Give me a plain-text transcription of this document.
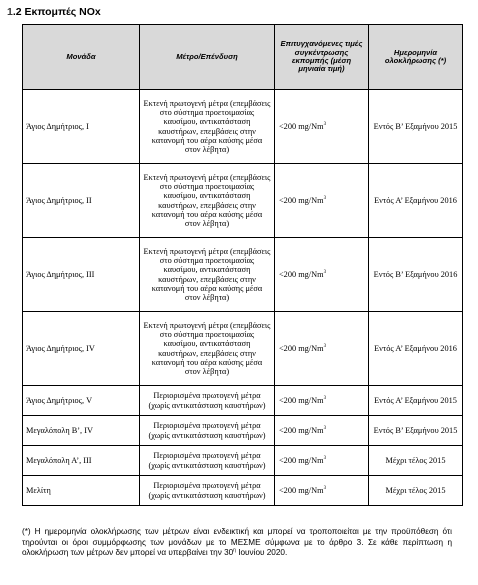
1.2 Εκπομπές NOx
Μονάδα	Μέτρο/Επένδυση	Επιτυγχανόμενες τιμές συγκέντρωσης εκπομπής (μέση μηνιαία τιμή)	Ημερομηνία ολοκλήρωσης (*)
Άγιος Δημήτριος, Ι	Εκτενή πρωτογενή μέτρα (επεμβάσεις στο σύστημα προετοιμασίας καυσίμου, αντικατάσταση καυστήρων, επεμβάσεις στην κατανομή του αέρα καύσης μέσα στον λέβητα)	<200 mg/Nm$^3$	Εντός Β’ Εξαμήνου 2015
Άγιος Δημήτριος, ΙΙ	Εκτενή πρωτογενή μέτρα (επεμβάσεις στο σύστημα προετοιμασίας καυσίμου, αντικατάσταση καυστήρων, επεμβάσεις στην κατανομή του αέρα καύσης μέσα στον λέβητα)	<200 mg/Nm$^3$	Εντός Α’ Εξαμήνου 2016
Άγιος Δημήτριος, ΙΙΙ	Εκτενή πρωτογενή μέτρα (επεμβάσεις στο σύστημα προετοιμασίας καυσίμου, αντικατάσταση καυστήρων, επεμβάσεις στην κατανομή του αέρα καύσης μέσα στον λέβητα)	<200 mg/Nm$^3$	Εντός Β’ Εξαμήνου 2016
Άγιος Δημήτριος, ΙV	Εκτενή πρωτογενή μέτρα (επεμβάσεις στο σύστημα προετοιμασίας καυσίμου, αντικατάσταση καυστήρων, επεμβάσεις στην κατανομή του αέρα καύσης μέσα στον λέβητα)	<200 mg/Nm$^3$	Εντός Α’ Εξαμήνου 2016
Άγιος Δημήτριος, V	Περιορισμένα πρωτογενή μέτρα (χωρίς αντικατάσταση καυστήρων)	<200 mg/Nm$^3$	Εντός Α’ Εξαμήνου 2015
Μεγαλόπολη Β’, ΙV	Περιορισμένα πρωτογενή μέτρα (χωρίς αντικατάσταση καυστήρων)	<200 mg/Nm$^3$	Εντός Β’ Εξαμήνου 2015
Μεγαλόπολη Α’, ΙΙΙ	Περιορισμένα πρωτογενή μέτρα (χωρίς αντικατάσταση καυστήρων)	<200 mg/Nm$^3$	Μέχρι τέλος 2015
Μελίτη	Περιορισμένα πρωτογενή μέτρα (χωρίς αντικατάσταση καυστήρων)	<200 mg/Nm$^3$	Μέχρι τέλος 2015
(*) Η ημερομηνία ολοκλήρωσης των μέτρων είναι ενδεικτική και μπορεί να τροποποιείται με την προϋπόθεση ότι τηρούνται οι όροι συμμόρφωσης των μονάδων με το ΜΕΣΜΕ σύμφωνα με το άρθρο 3. Σε κάθε περίπτωση η ολοκλήρωση των μέτρων δεν μπορεί να υπερβαίνει την $30^\eta$ Ιουνίου 2020.
